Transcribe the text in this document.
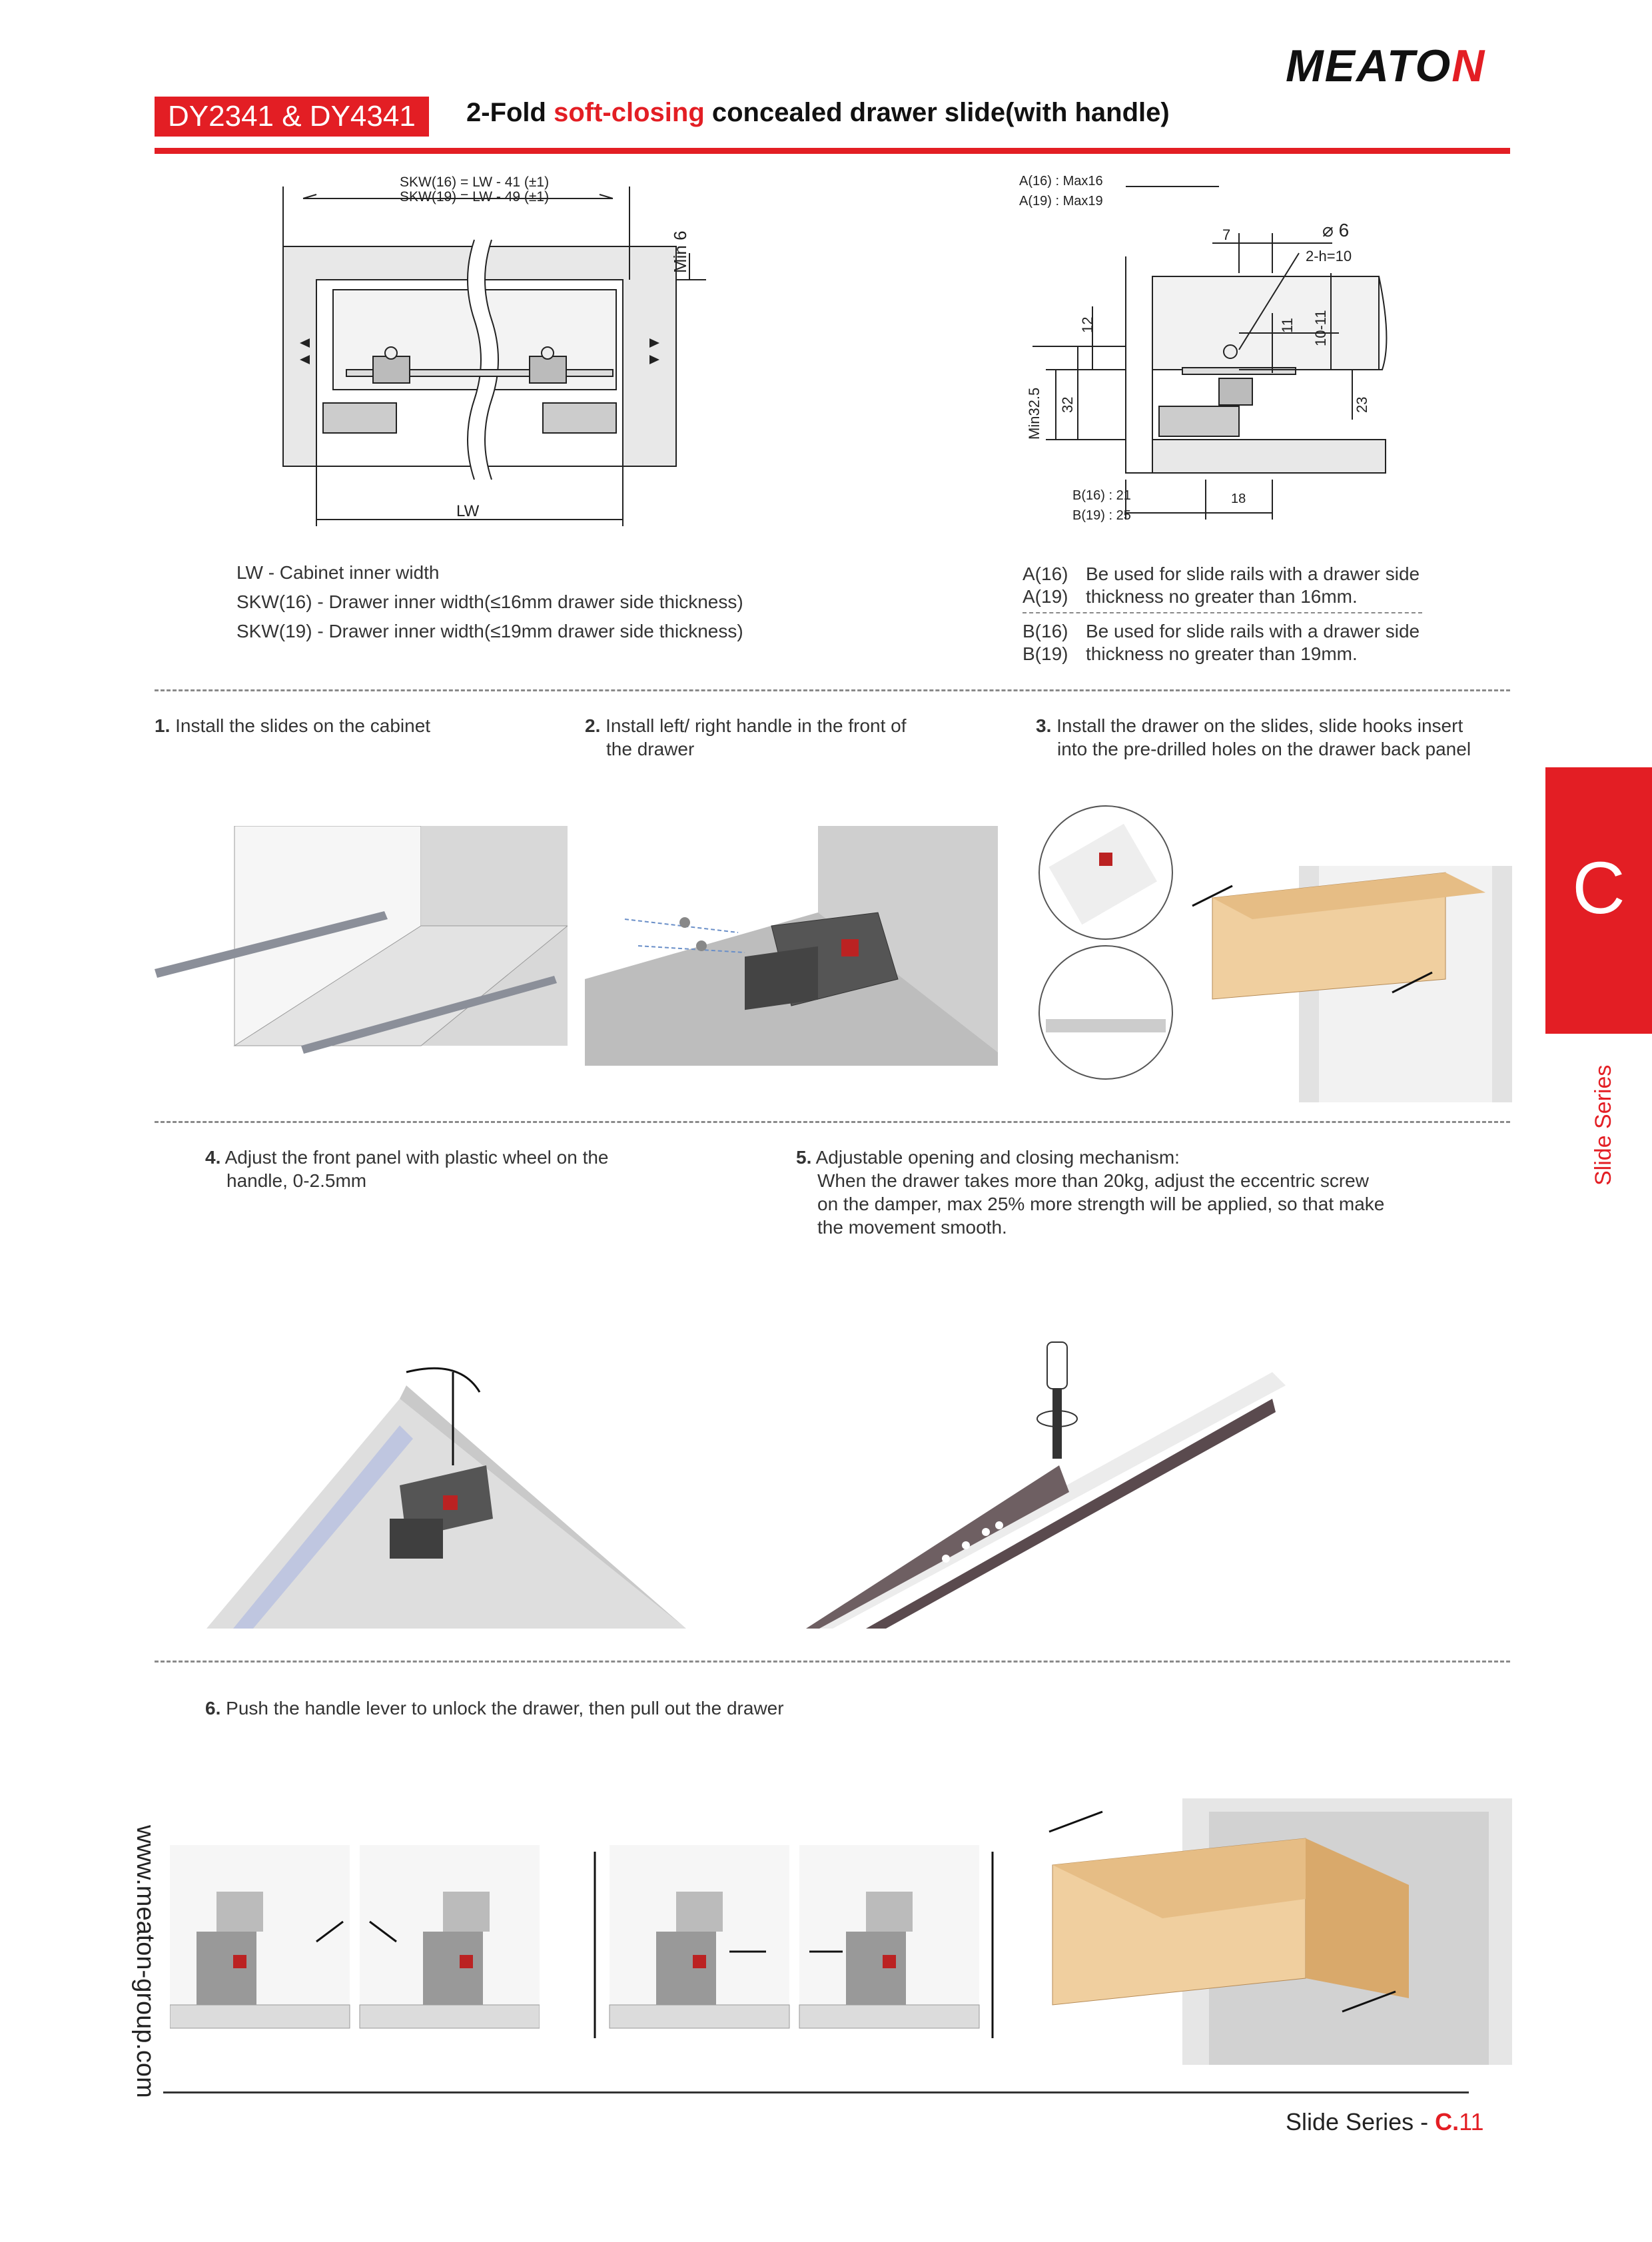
MEATON
DY2341 & DY4341	2-Fold soft-closing concealed drawer slide(with handle)
SKW(16) = LW - 41 (±1)
SKW(19) = LW - 49 (±1)
Min 6
LW
A(16) : Max16
A(19) : Max19
7	⌀ 6
2-h=10
12	11 10-11
Min32.5 32	23
B(16) : 21
B(19) : 25
18
LW - Cabinet inner width
SKW(16) - Drawer inner width(≤16mm drawer side thickness)
SKW(19) - Drawer inner width(≤19mm drawer side thickness)
A(16) Be used for slide rails with a drawer side
A(19) thickness no greater than 16mm.
B(16) Be used for slide rails with a drawer side
B(19) thickness no greater than 19mm.
1. Install the slides on the cabinet	2. Install left/ right handle in the front of
the drawer
3. Install the drawer on the slides, slide hooks insert
into the pre-drilled holes on the drawer back panel
4. Adjust the front panel with plastic wheel on the
handle, 0-2.5mm
5. Adjustable opening and closing mechanism:
When the drawer takes more than 20kg, adjust the eccentric screw
on the damper, max 25% more strength will be applied, so that make
the movement smooth.
6. Push the handle lever to unlock the drawer, then pull out the drawer
C
Slide Series
www.meaton-group.com
Slide Series - C.11
